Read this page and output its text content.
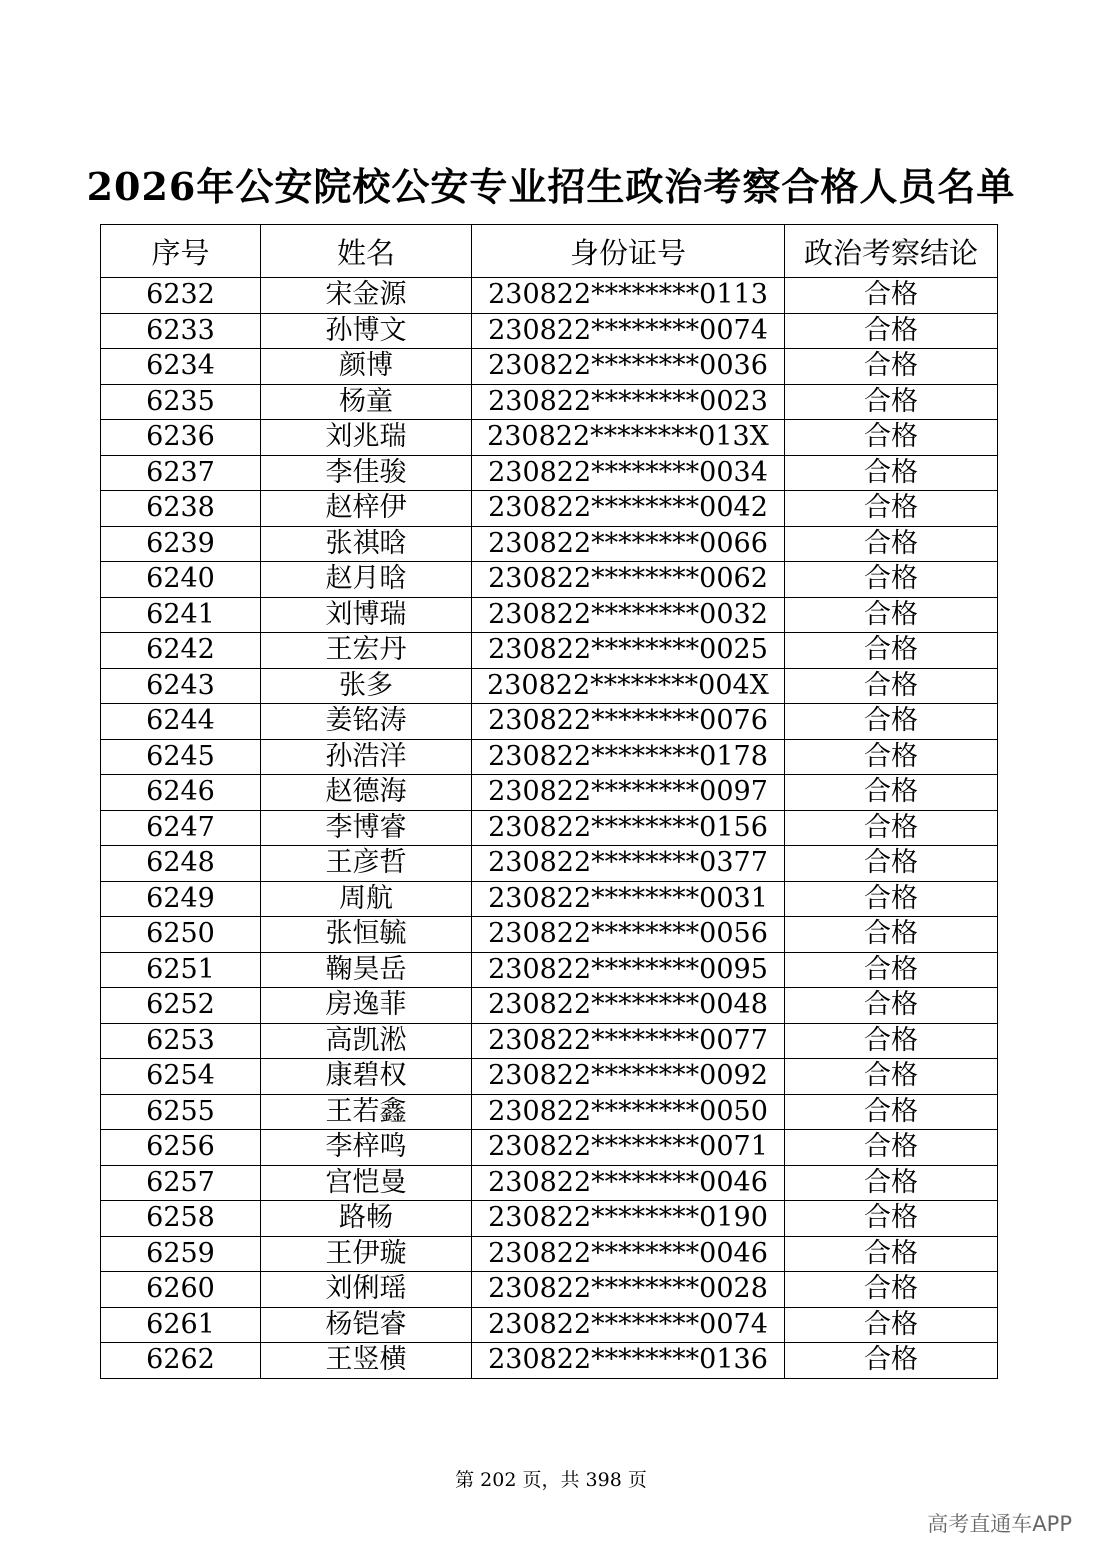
2026年公安院校公安专业招生政治考察合格人员名单
序号	姓名	身份证号	政治考察结论
6232	宋金源	230822********0113	合格
6233	孙博文	230822********0074	合格
6234	颜博	230822********0036	合格
6235	杨童	230822********0023	合格
6236	刘兆瑞	230822********013X	合格
6237	李佳骏	230822********0034	合格
6238	赵梓伊	230822********0042	合格
6239	张祺晗	230822********0066	合格
6240	赵月晗	230822********0062	合格
6241	刘博瑞	230822********0032	合格
6242	王宏丹	230822********0025	合格
6243	张多	230822********004X	合格
6244	姜铭涛	230822********0076	合格
6245	孙浩洋	230822********0178	合格
6246	赵德海	230822********0097	合格
6247	李博睿	230822********0156	合格
6248	王彦哲	230822********0377	合格
6249	周航	230822********0031	合格
6250	张恒毓	230822********0056	合格
6251	鞠昊岳	230822********0095	合格
6252	房逸菲	230822********0048	合格
6253	高凯淞	230822********0077	合格
6254	康碧权	230822********0092	合格
6255	王若鑫	230822********0050	合格
6256	李梓鸣	230822********0071	合格
6257	宫恺曼	230822********0046	合格
6258	路畅	230822********0190	合格
6259	王伊璇	230822********0046	合格
6260	刘俐瑶	230822********0028	合格
6261	杨铠睿	230822********0074	合格
6262	王竖横	230822********0136	合格
第 202 页，共 398 页
高考直通车APP
